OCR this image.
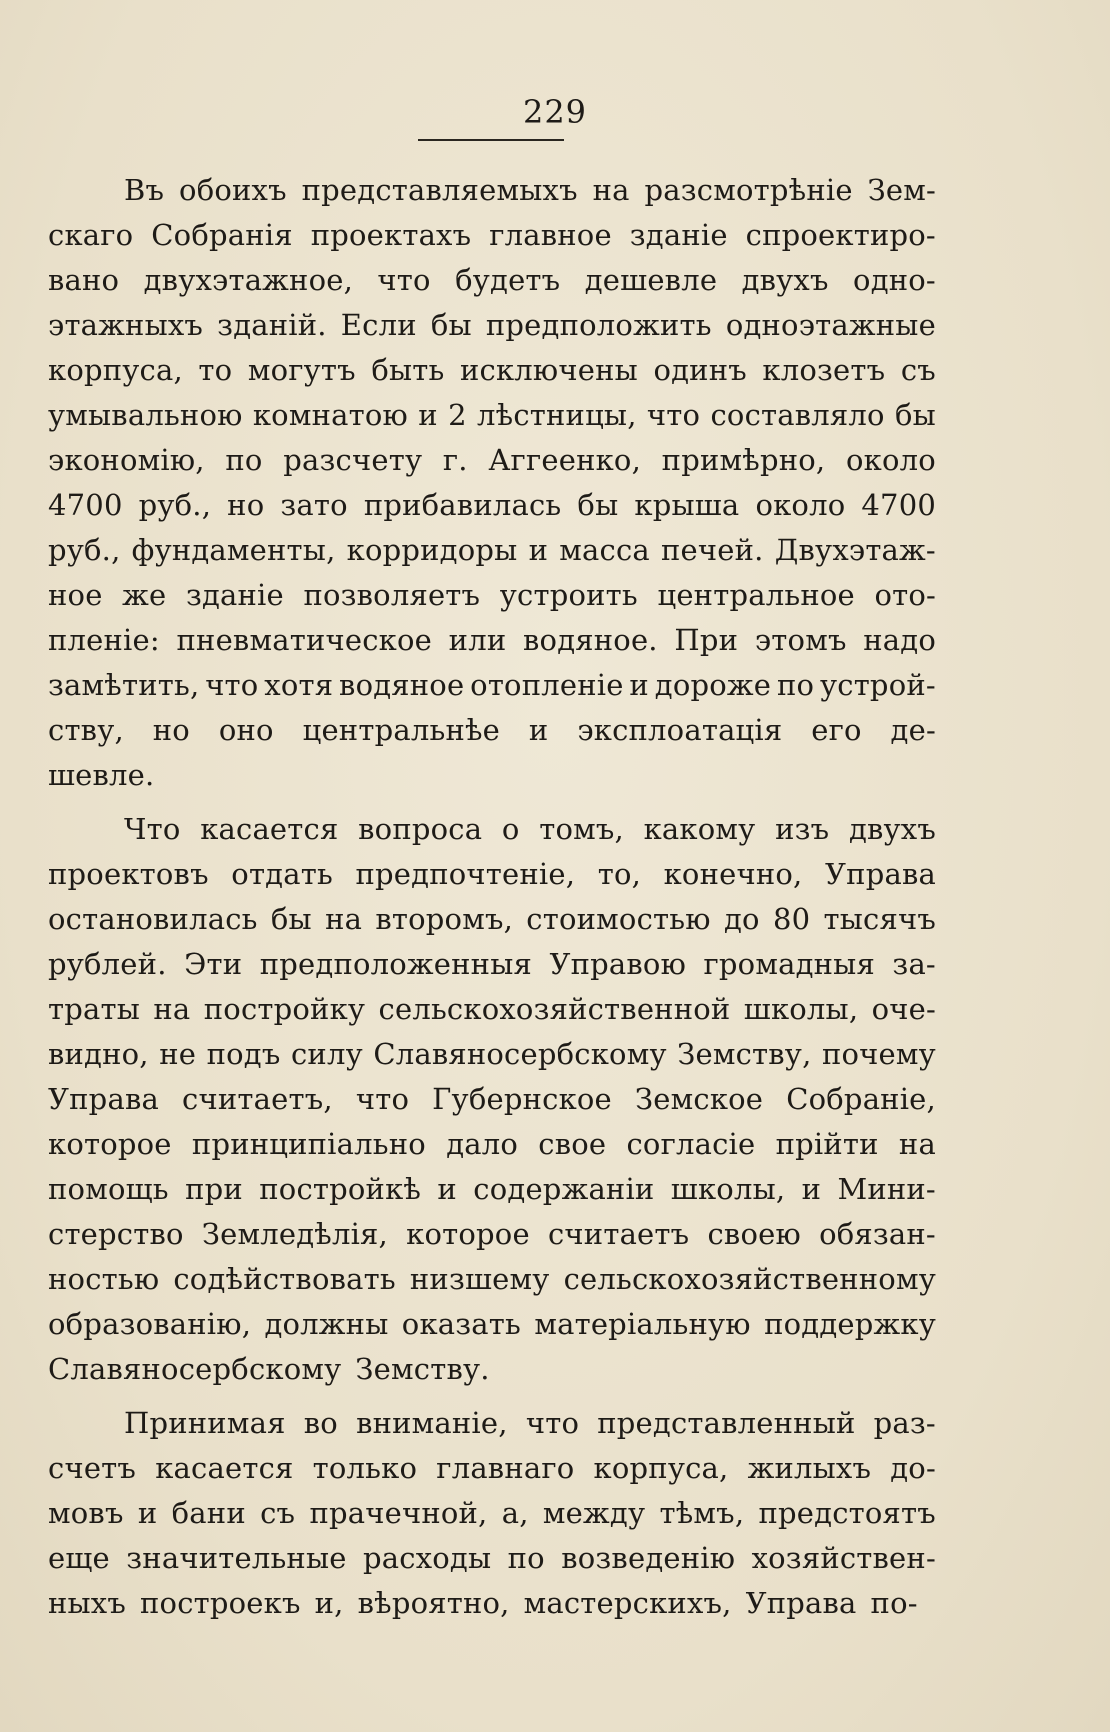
229
Въ обоихъ представляемыхъ на разсмотрѣніе Зем-
скаго Собранія проектахъ главное зданіе спроектиро-
вано двухэтажное, что будетъ дешевле двухъ одно-
этажныхъ зданій. Если бы предположить одноэтажные
корпуса, то могутъ быть исключены одинъ клозетъ съ
умывальною комнатою и 2 лѣстницы, что составляло бы
экономію, по разсчету г. Аггеенко, примѣрно, около
4700 руб., но зато прибавилась бы крыша около 4700
руб., фундаменты, корридоры и масса печей. Двухэтаж-
ное же зданіе позволяетъ устроить центральное ото-
пленіе: пневматическое или водяное. При этомъ надо
замѣтить, что хотя водяное отопленіе и дороже по устрой-
ству, но оно центральнѣе и эксплоатація его де-
шевле.
Что касается вопроса о томъ, какому изъ двухъ
проектовъ отдать предпочтеніе, то, конечно, Управа
остановилась бы на второмъ, стоимостью до 80 тысячъ
рублей. Эти предположенныя Управою громадныя за-
траты на постройку сельскохозяйственной школы, оче-
видно, не подъ силу Славяносербскому Земству, почему
Управа считаетъ, что Губернское Земское Собраніе,
которое принципіально дало свое согласіе прійти на
помощь при постройкѣ и содержаніи школы, и Мини-
стерство Земледѣлія, которое считаетъ своею обязан-
ностью содѣйствовать низшему сельскохозяйственному
образованію, должны оказать матеріальную поддержку
Славяносербскому Земству.
Принимая во вниманіе, что представленный раз-
счетъ касается только главнаго корпуса, жилыхъ до-
мовъ и бани съ прачечной, а, между тѣмъ, предстоятъ
еще значительные расходы по возведенію хозяйствен-
ныхъ построекъ и, вѣроятно, мастерскихъ, Управа по-
